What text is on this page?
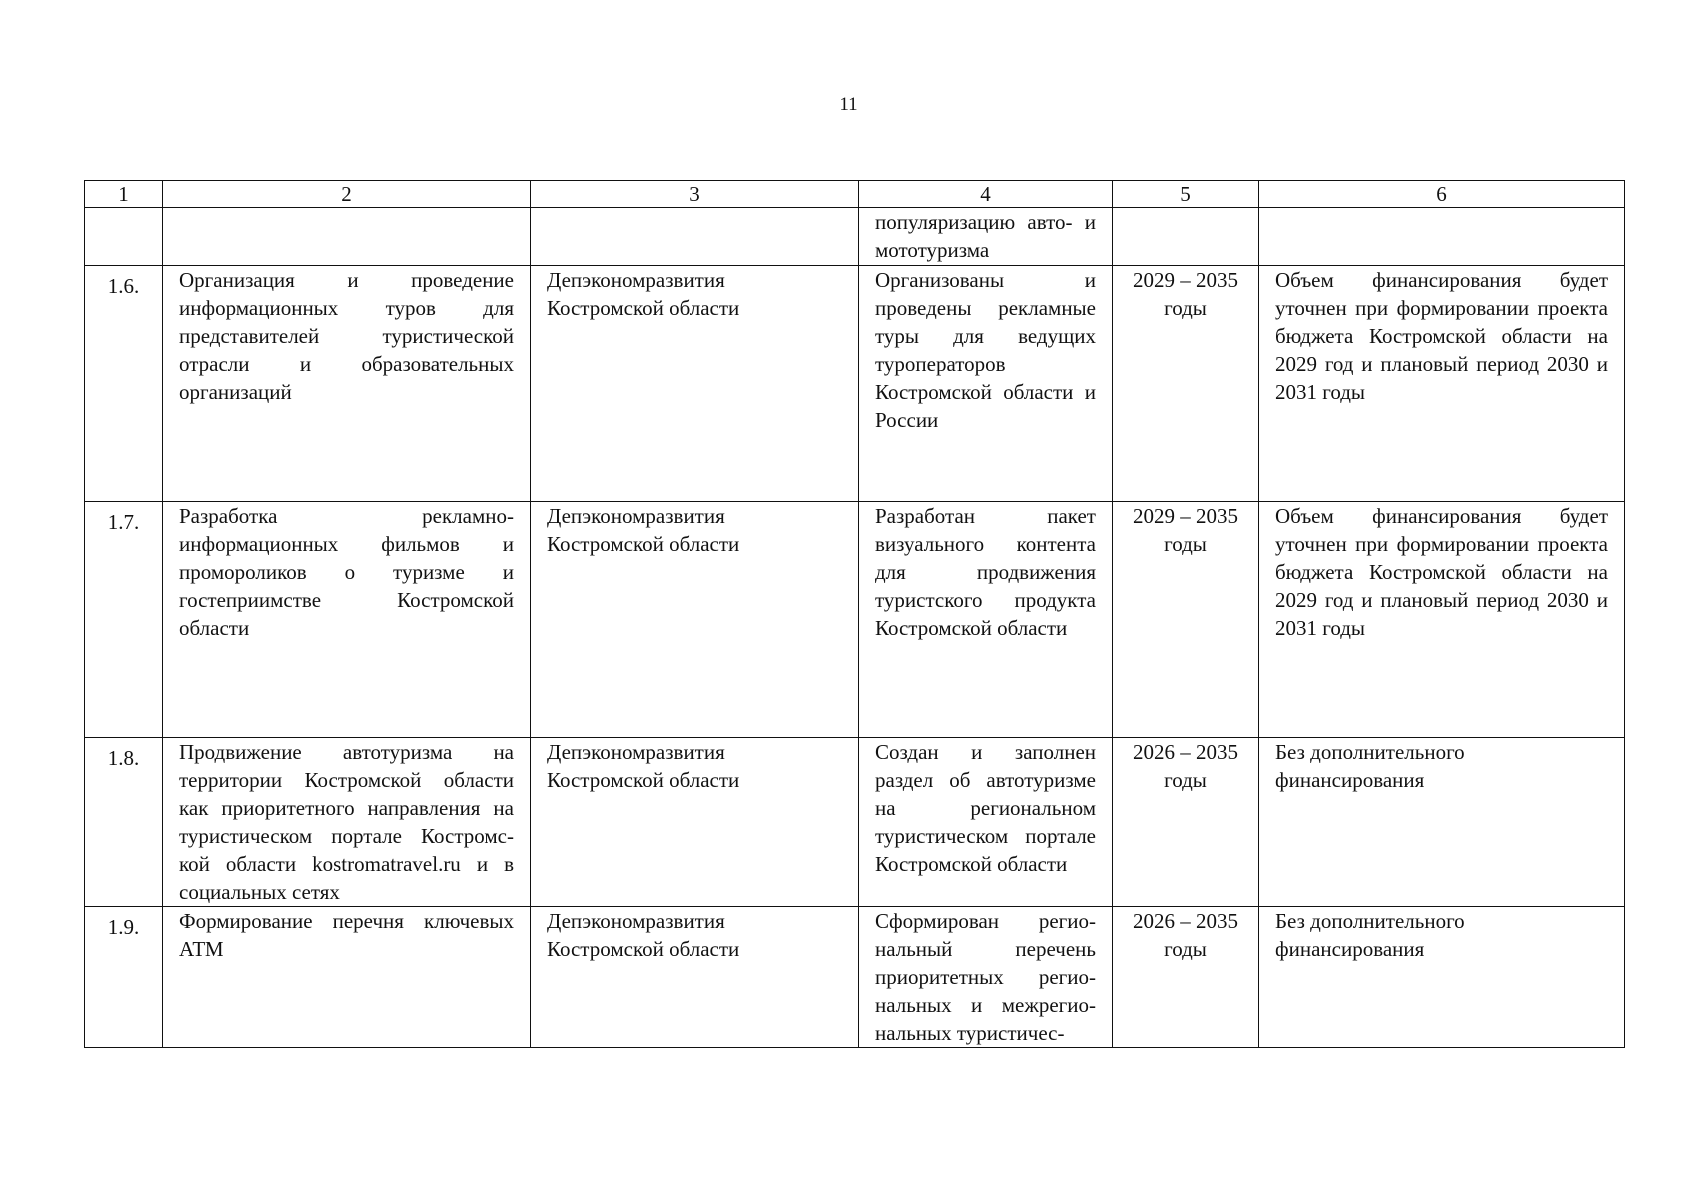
11
1	2	3	4	5	6
			популяризацию авто- и мототуризма		
1.6.	Организация и проведение информационных туров для представителей туристической отрасли и образовательных организаций	Депэкономразвития Костромской области	Организованы и проведены рекламные туры для ведущих туроператоров Костромской области и России	2029 – 2035 годы	Объем финансирования будет уточнен при формировании проекта бюджета Костромской области на 2029 год и плановый период 2030 и 2031 годы
1.7.	Разработка рекламно-информационных фильмов и промороликов о туризме и гостеприимстве Костромской области	Депэкономразвития Костромской области	Разработан пакет визуального контента для продвижения туристского продукта Костромской области	2029 – 2035 годы	Объем финансирования будет уточнен при формировании проекта бюджета Костромской области на 2029 год и плановый период 2030 и 2031 годы
1.8.	Продвижение автотуризма на территории Костромской области как приоритетного направления на туристическом портале Костромс-кой области kostromatravel.ru и в социальных сетях	Депэкономразвития Костромской области	Создан и заполнен раздел об автотуризме на региональном туристическом портале Костромской области	2026 – 2035 годы	Без дополнительного финансирования
1.9.	Формирование перечня ключевых АТМ	Депэкономразвития Костромской области	Сформирован регио-нальный перечень приоритетных регио-нальных и межрегио-нальных туристичес-	2026 – 2035 годы	Без дополнительного финансирования
